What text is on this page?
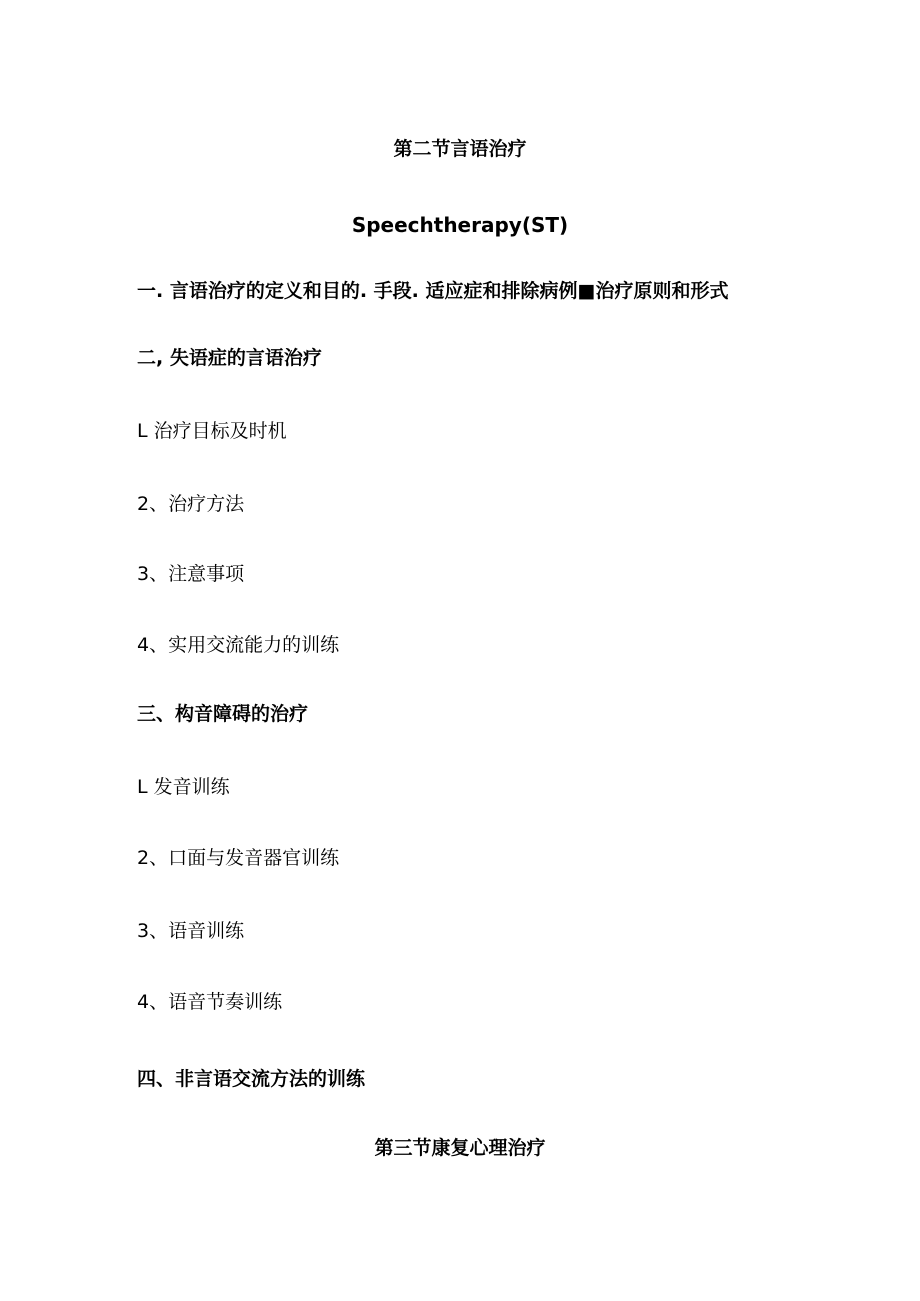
第二节言语治疗
Speechtherapy(ST)
一. 言语治疗的定义和目的. 手段. 适应症和排除病例■治疗原则和形式
二, 失语症的言语治疗
L 治疗目标及时机
2、治疗方法
3、注意事项
4、实用交流能力的训练
三、构音障碍的治疗
L 发音训练
2、口面与发音器官训练
3、语音训练
4、语音节奏训练
四、非言语交流方法的训练
第三节康复心理治疗
